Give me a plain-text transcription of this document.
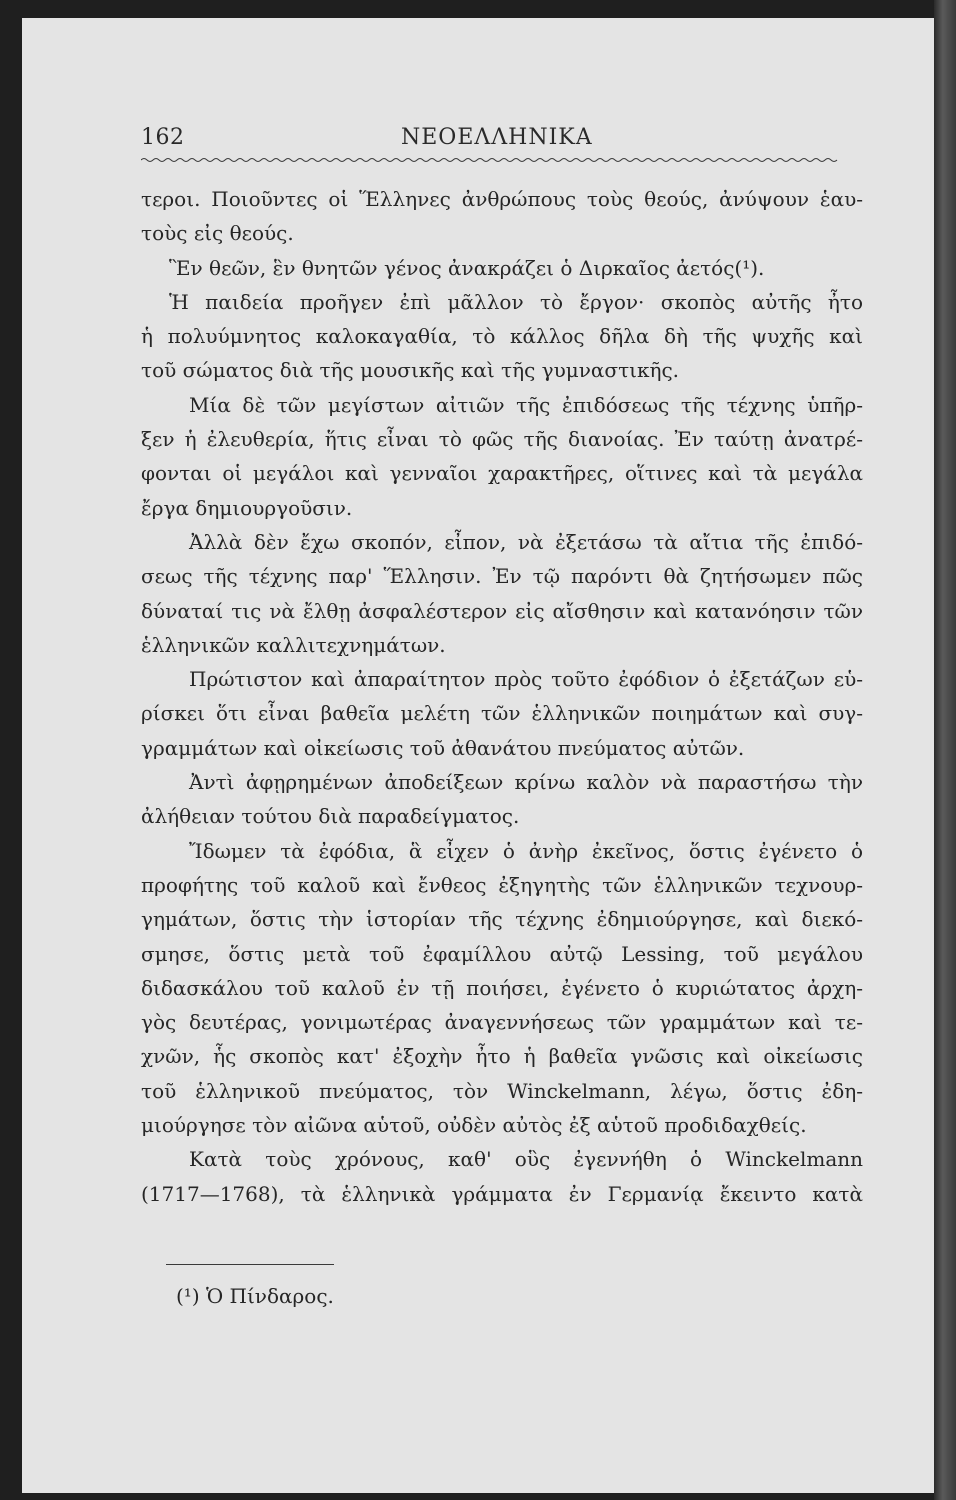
162	ΝΕΟΕΛΛΗΝΙΚΑ
τεροι. Ποιοῦντες οἱ Ἕλληνες ἀνθρώπους τοὺς θεούς, ἀνύψουν ἑαυ-
τοὺς εἰς θεούς.
Ἓν θεῶν, ἓν θνητῶν γένος ἀνακράζει ὁ Διρκαῖος ἀετός(¹).
Ἡ παιδεία προῆγεν ἐπὶ μᾶλλον τὸ ἔργον· σκοπὸς αὐτῆς ἦτο
ἡ πολυύμνητος καλοκαγαθία, τὸ κάλλος δῆλα δὴ τῆς ψυχῆς καὶ
τοῦ σώματος διὰ τῆς μουσικῆς καὶ τῆς γυμναστικῆς.
Μία δὲ τῶν μεγίστων αἰτιῶν τῆς ἐπιδόσεως τῆς τέχνης ὑπῆρ-
ξεν ἡ ἐλευθερία, ἥτις εἶναι τὸ φῶς τῆς διανοίας. Ἐν ταύτῃ ἀνατρέ-
φονται οἱ μεγάλοι καὶ γενναῖοι χαρακτῆρες, οἵτινες καὶ τὰ μεγάλα
ἔργα δημιουργοῦσιν.
Ἀλλὰ δὲν ἔχω σκοπόν, εἶπον, νὰ ἐξετάσω τὰ αἴτια τῆς ἐπιδό-
σεως τῆς τέχνης παρ' Ἕλλησιν. Ἐν τῷ παρόντι θὰ ζητήσωμεν πῶς
δύναταί τις νὰ ἔλθῃ ἀσφαλέστερον εἰς αἴσθησιν καὶ κατανόησιν τῶν
ἑλληνικῶν καλλιτεχνημάτων.
Πρώτιστον καὶ ἀπαραίτητον πρὸς τοῦτο ἐφόδιον ὁ ἐξετάζων εὑ-
ρίσκει ὅτι εἶναι βαθεῖα μελέτη τῶν ἑλληνικῶν ποιημάτων καὶ συγ-
γραμμάτων καὶ οἰκείωσις τοῦ ἀθανάτου πνεύματος αὐτῶν.
Ἀντὶ ἀφῃρημένων ἀποδείξεων κρίνω καλὸν νὰ παραστήσω τὴν
ἀλήθειαν τούτου διὰ παραδείγματος.
Ἴδωμεν τὰ ἐφόδια, ἃ εἶχεν ὁ ἀνὴρ ἐκεῖνος, ὅστις ἐγένετο ὁ
προφήτης τοῦ καλοῦ καὶ ἔνθεος ἐξηγητὴς τῶν ἑλληνικῶν τεχνουρ-
γημάτων, ὅστις τὴν ἱστορίαν τῆς τέχνης ἐδημιούργησε, καὶ διεκό-
σμησε, ὅστις μετὰ τοῦ ἐφαμίλλου αὐτῷ Lessing, τοῦ μεγάλου
διδασκάλου τοῦ καλοῦ ἐν τῇ ποιήσει, ἐγένετο ὁ κυριώτατος ἀρχη-
γὸς δευτέρας, γονιμωτέρας ἀναγεννήσεως τῶν γραμμάτων καὶ τε-
χνῶν, ἧς σκοπὸς κατ' ἐξοχὴν ἦτο ἡ βαθεῖα γνῶσις καὶ οἰκείωσις
τοῦ ἑλληνικοῦ πνεύματος, τὸν Winckelmann, λέγω, ὅστις ἐδη-
μιούργησε τὸν αἰῶνα αὑτοῦ, οὐδὲν αὐτὸς ἐξ αὑτοῦ προδιδαχθείς.
Κατὰ τοὺς χρόνους, καθ' οὓς ἐγεννήθη ὁ Winckelmann
(1717—1768), τὰ ἑλληνικὰ γράμματα ἐν Γερμανίᾳ ἔκειντο κατὰ
(¹) Ὁ Πίνδαρος.
